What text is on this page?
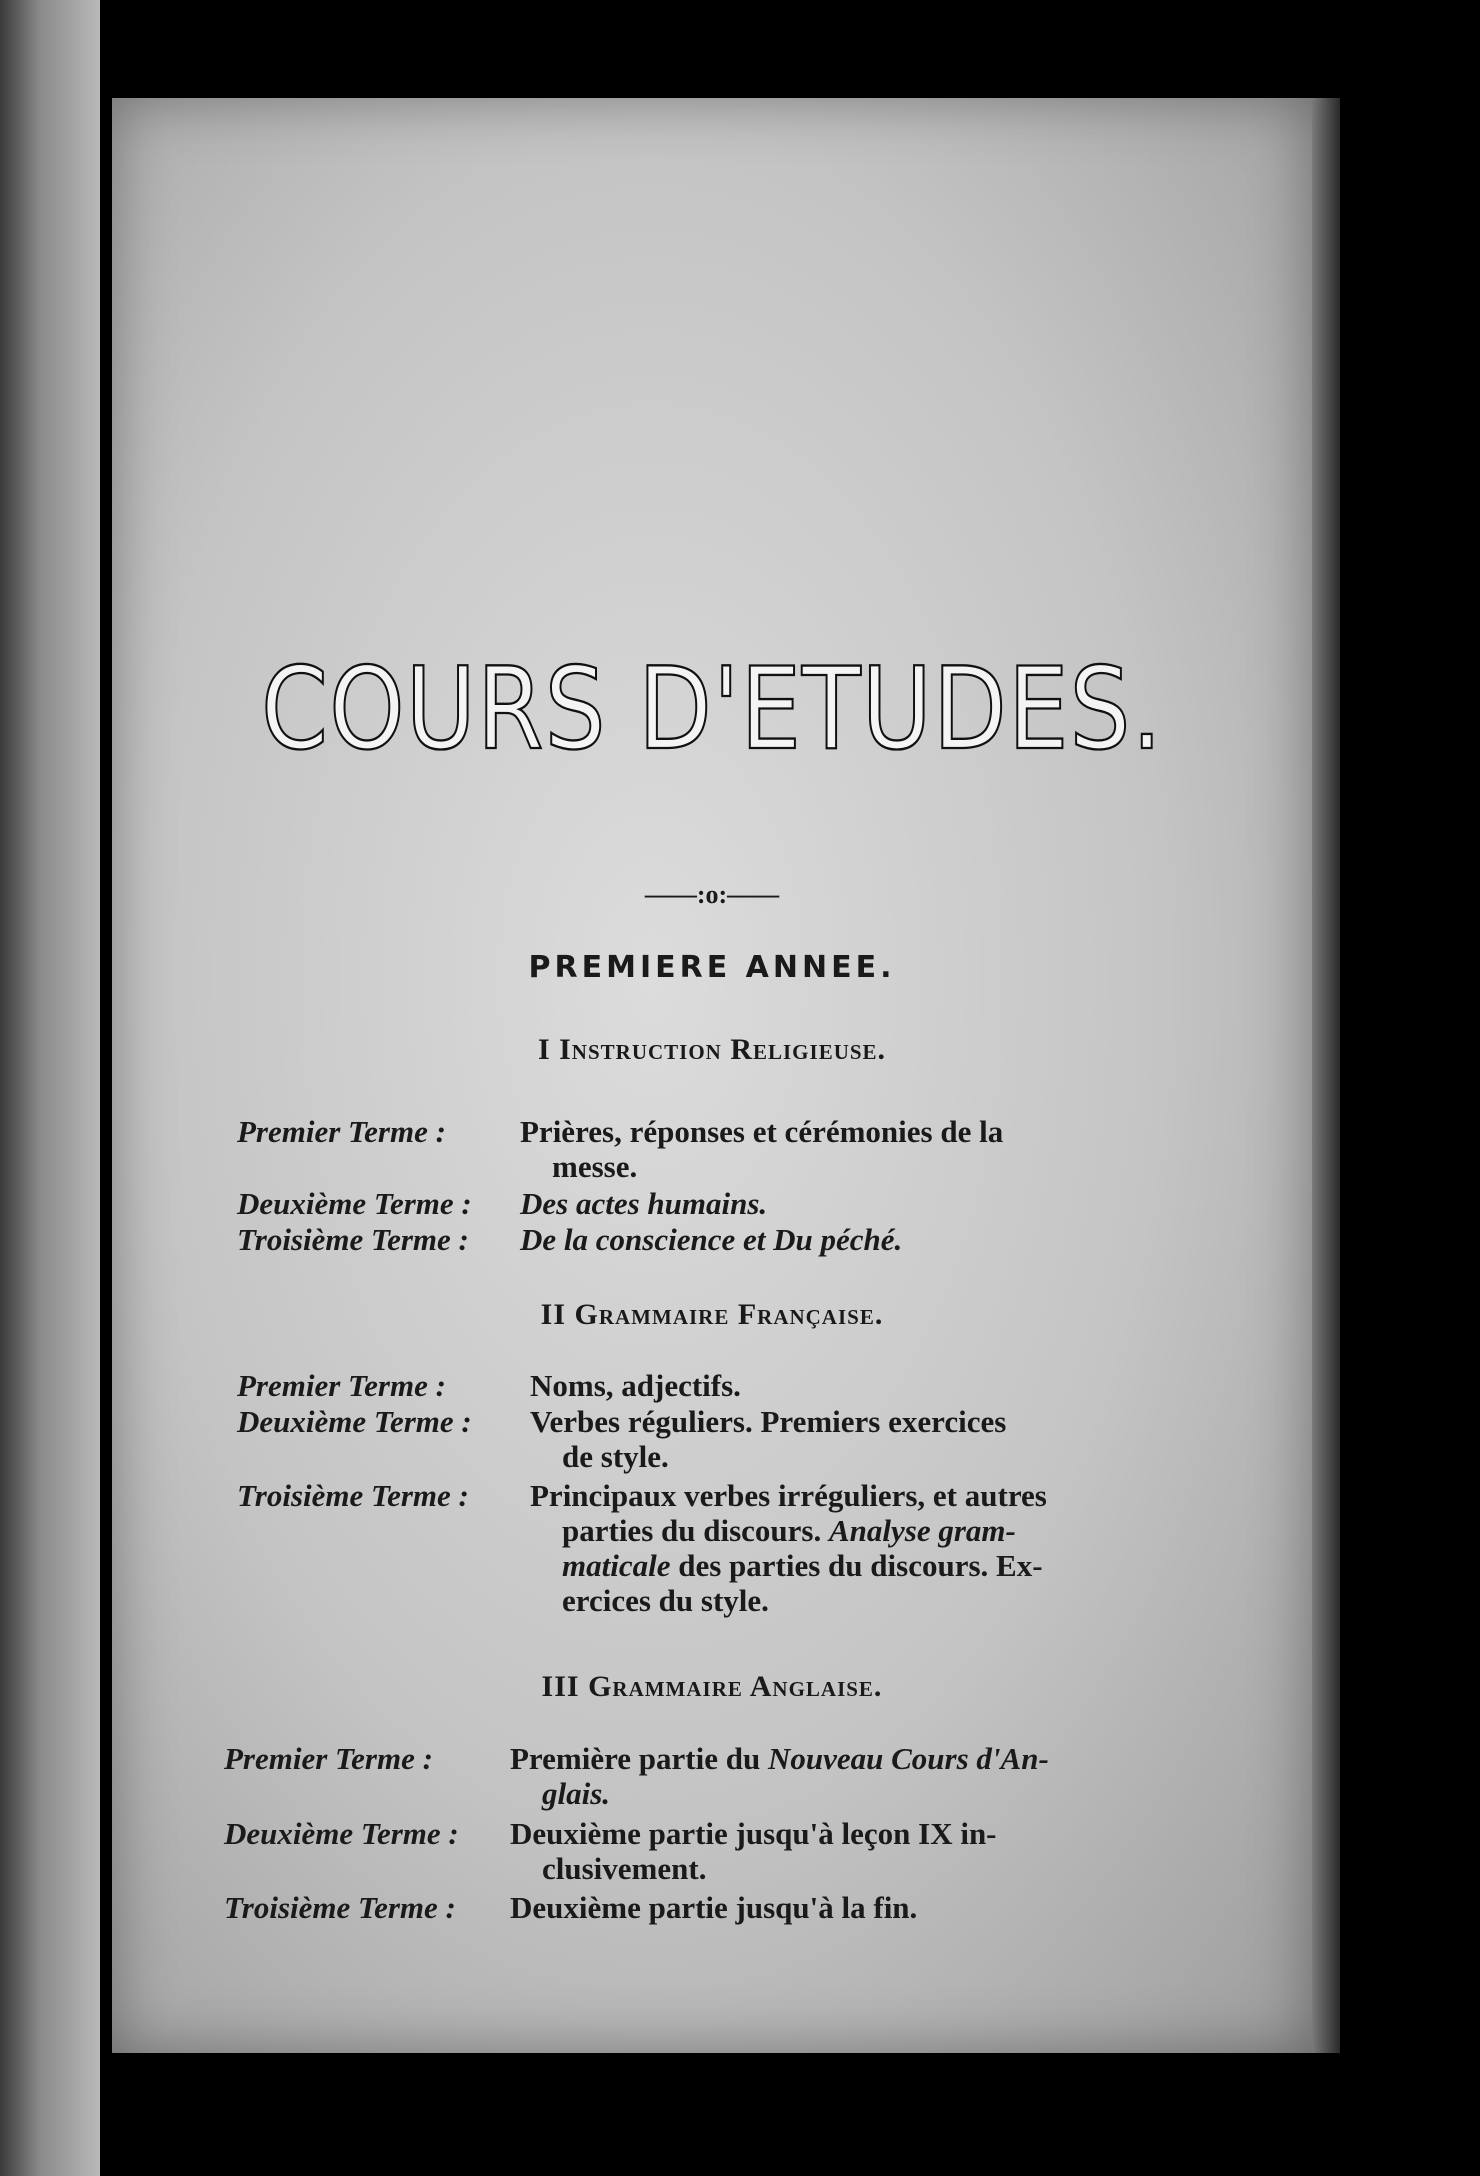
COURS D'ETUDES.
——:o:——
PREMIERE ANNEE.
I Instruction Religieuse.
Premier Terme : Prières, réponses et cérémonies de la
messe.
Deuxième Terme : Des actes humains.
Troisième Terme : De la conscience et Du péché.
II Grammaire Française.
Premier Terme :	Noms, adjectifs.
Deuxième Terme : Verbes réguliers. Premiers exercices
de style.
Troisième Terme : Principaux verbes irréguliers, et autres
parties du discours. Analyse gram-
maticale des parties du discours. Ex-
ercices du style.
III Grammaire Anglaise.
Premier Terme : Première partie du Nouveau Cours d'An-
glais.
Deuxième Terme : Deuxième partie jusqu'à leçon IX in-
clusivement.
Troisième Terme : Deuxième partie jusqu'à la fin.
